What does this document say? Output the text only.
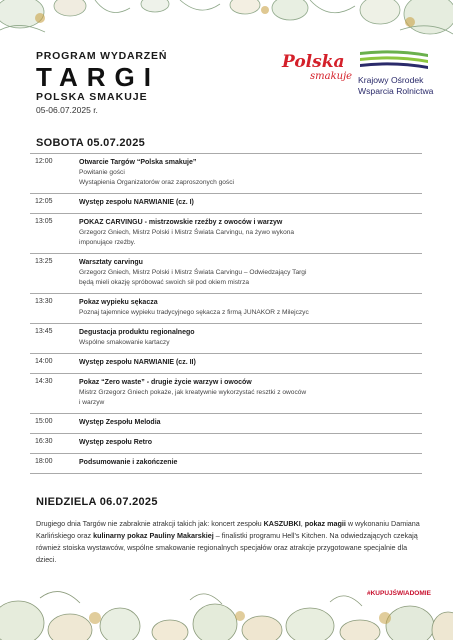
PROGRAM WYDARZEŃ
TARGI
POLSKA SMAKUJE
05-06.07.2025 r.
Polska
smakuje Krajowy Ośrodek
Wsparcia Rolnictwa
SOBOTA 05.07.2025
12:00	Otwarcie Targów “Polska smakuje”
Powitanie gości
Wystąpienia Organizatorów oraz zaproszonych gości
12:05	Występ zespołu NARWIANIE (cz. I)
13:05	POKAZ CARVINGU - mistrzowskie rzeźby z owoców i warzyw
Grzegorz Gniech, Mistrz Polski i Mistrz Świata Carvingu, na żywo wykona
imponujące rzeźby.
13:25	Warsztaty carvingu
Grzegorz Gniech, Mistrz Polski i Mistrz Świata Carvingu – Odwiedzający Targi
będą mieli okazję spróbować swoich sił pod okiem mistrza
13:30	Pokaz wypieku sękacza
Poznaj tajemnice wypieku tradycyjnego sękacza z firmą JUNAKOR z Milejczyc
13:45	Degustacja produktu regionalnego
Wspólne smakowanie kartaczy
14:00	Występ zespołu NARWIANIE (cz. II)
14:30	Pokaz “Zero waste” - drugie życie warzyw i owoców
Mistrz Grzegorz Gniech pokaże, jak kreatywnie wykorzystać resztki z owoców
i warzyw
15:00	Występ Zespołu Melodia
16:30	Występ zespołu Retro
18:00	Podsumowanie i zakończenie
NIEDZIELA 06.07.2025
Drugiego dnia Targów nie zabraknie atrakcji takich jak: koncert zespołu KASZUBKI, pokaz magii w wykonaniu Damiana Karlińskiego oraz kulinarny pokaz Pauliny Makarskiej – finalistki programu Hell's Kitchen. Na odwiedzających czekają również stoiska wystawców, wspólne smakowanie regionalnych specjałów oraz atrakcje przygotowane specjalnie dla dzieci.
#KUPUJŚWIADOMIE
